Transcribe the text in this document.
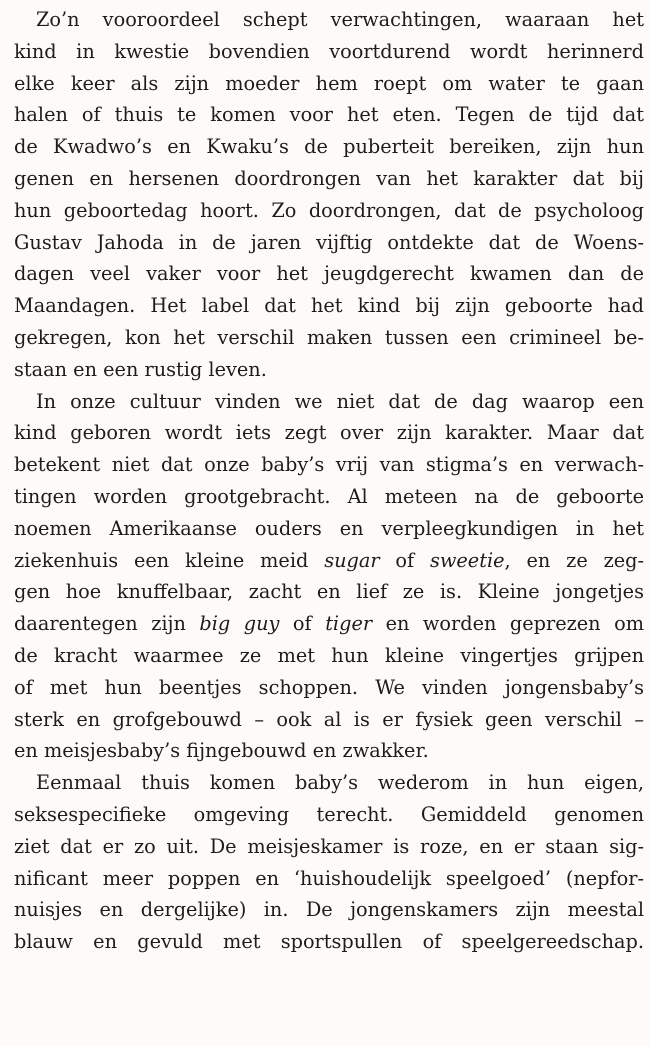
Zo’n vooroordeel schept verwachtingen, waaraan het
kind in kwestie bovendien voortdurend wordt herinnerd
elke keer als zijn moeder hem roept om water te gaan
halen of thuis te komen voor het eten. Tegen de tijd dat
de Kwadwo’s en Kwaku’s de puberteit bereiken, zijn hun
genen en hersenen doordrongen van het karakter dat bij
hun geboortedag hoort. Zo doordrongen, dat de psycholoog
Gustav Jahoda in de jaren vijftig ontdekte dat de Woens-
dagen veel vaker voor het jeugdgerecht kwamen dan de
Maandagen. Het label dat het kind bij zijn geboorte had
gekregen, kon het verschil maken tussen een crimineel be-
staan en een rustig leven.
In onze cultuur vinden we niet dat de dag waarop een
kind geboren wordt iets zegt over zijn karakter. Maar dat
betekent niet dat onze baby’s vrij van stigma’s en verwach-
tingen worden grootgebracht. Al meteen na de geboorte
noemen Amerikaanse ouders en verpleegkundigen in het
ziekenhuis een kleine meid sugar of sweetie, en ze zeg-
gen hoe knuffelbaar, zacht en lief ze is. Kleine jongetjes
daarentegen zijn big guy of tiger en worden geprezen om
de kracht waarmee ze met hun kleine vingertjes grijpen
of met hun beentjes schoppen. We vinden jongensbaby’s
sterk en grofgebouwd – ook al is er fysiek geen verschil –
en meisjesbaby’s fijngebouwd en zwakker.
Eenmaal thuis komen baby’s wederom in hun eigen,
seksespecifieke omgeving terecht. Gemiddeld genomen
ziet dat er zo uit. De meisjeskamer is roze, en er staan sig-
nificant meer poppen en ‘huishoudelijk speelgoed’ (nepfor-
nuisjes en dergelijke) in. De jongenskamers zijn meestal
blauw en gevuld met sportspullen of speelgereedschap.
